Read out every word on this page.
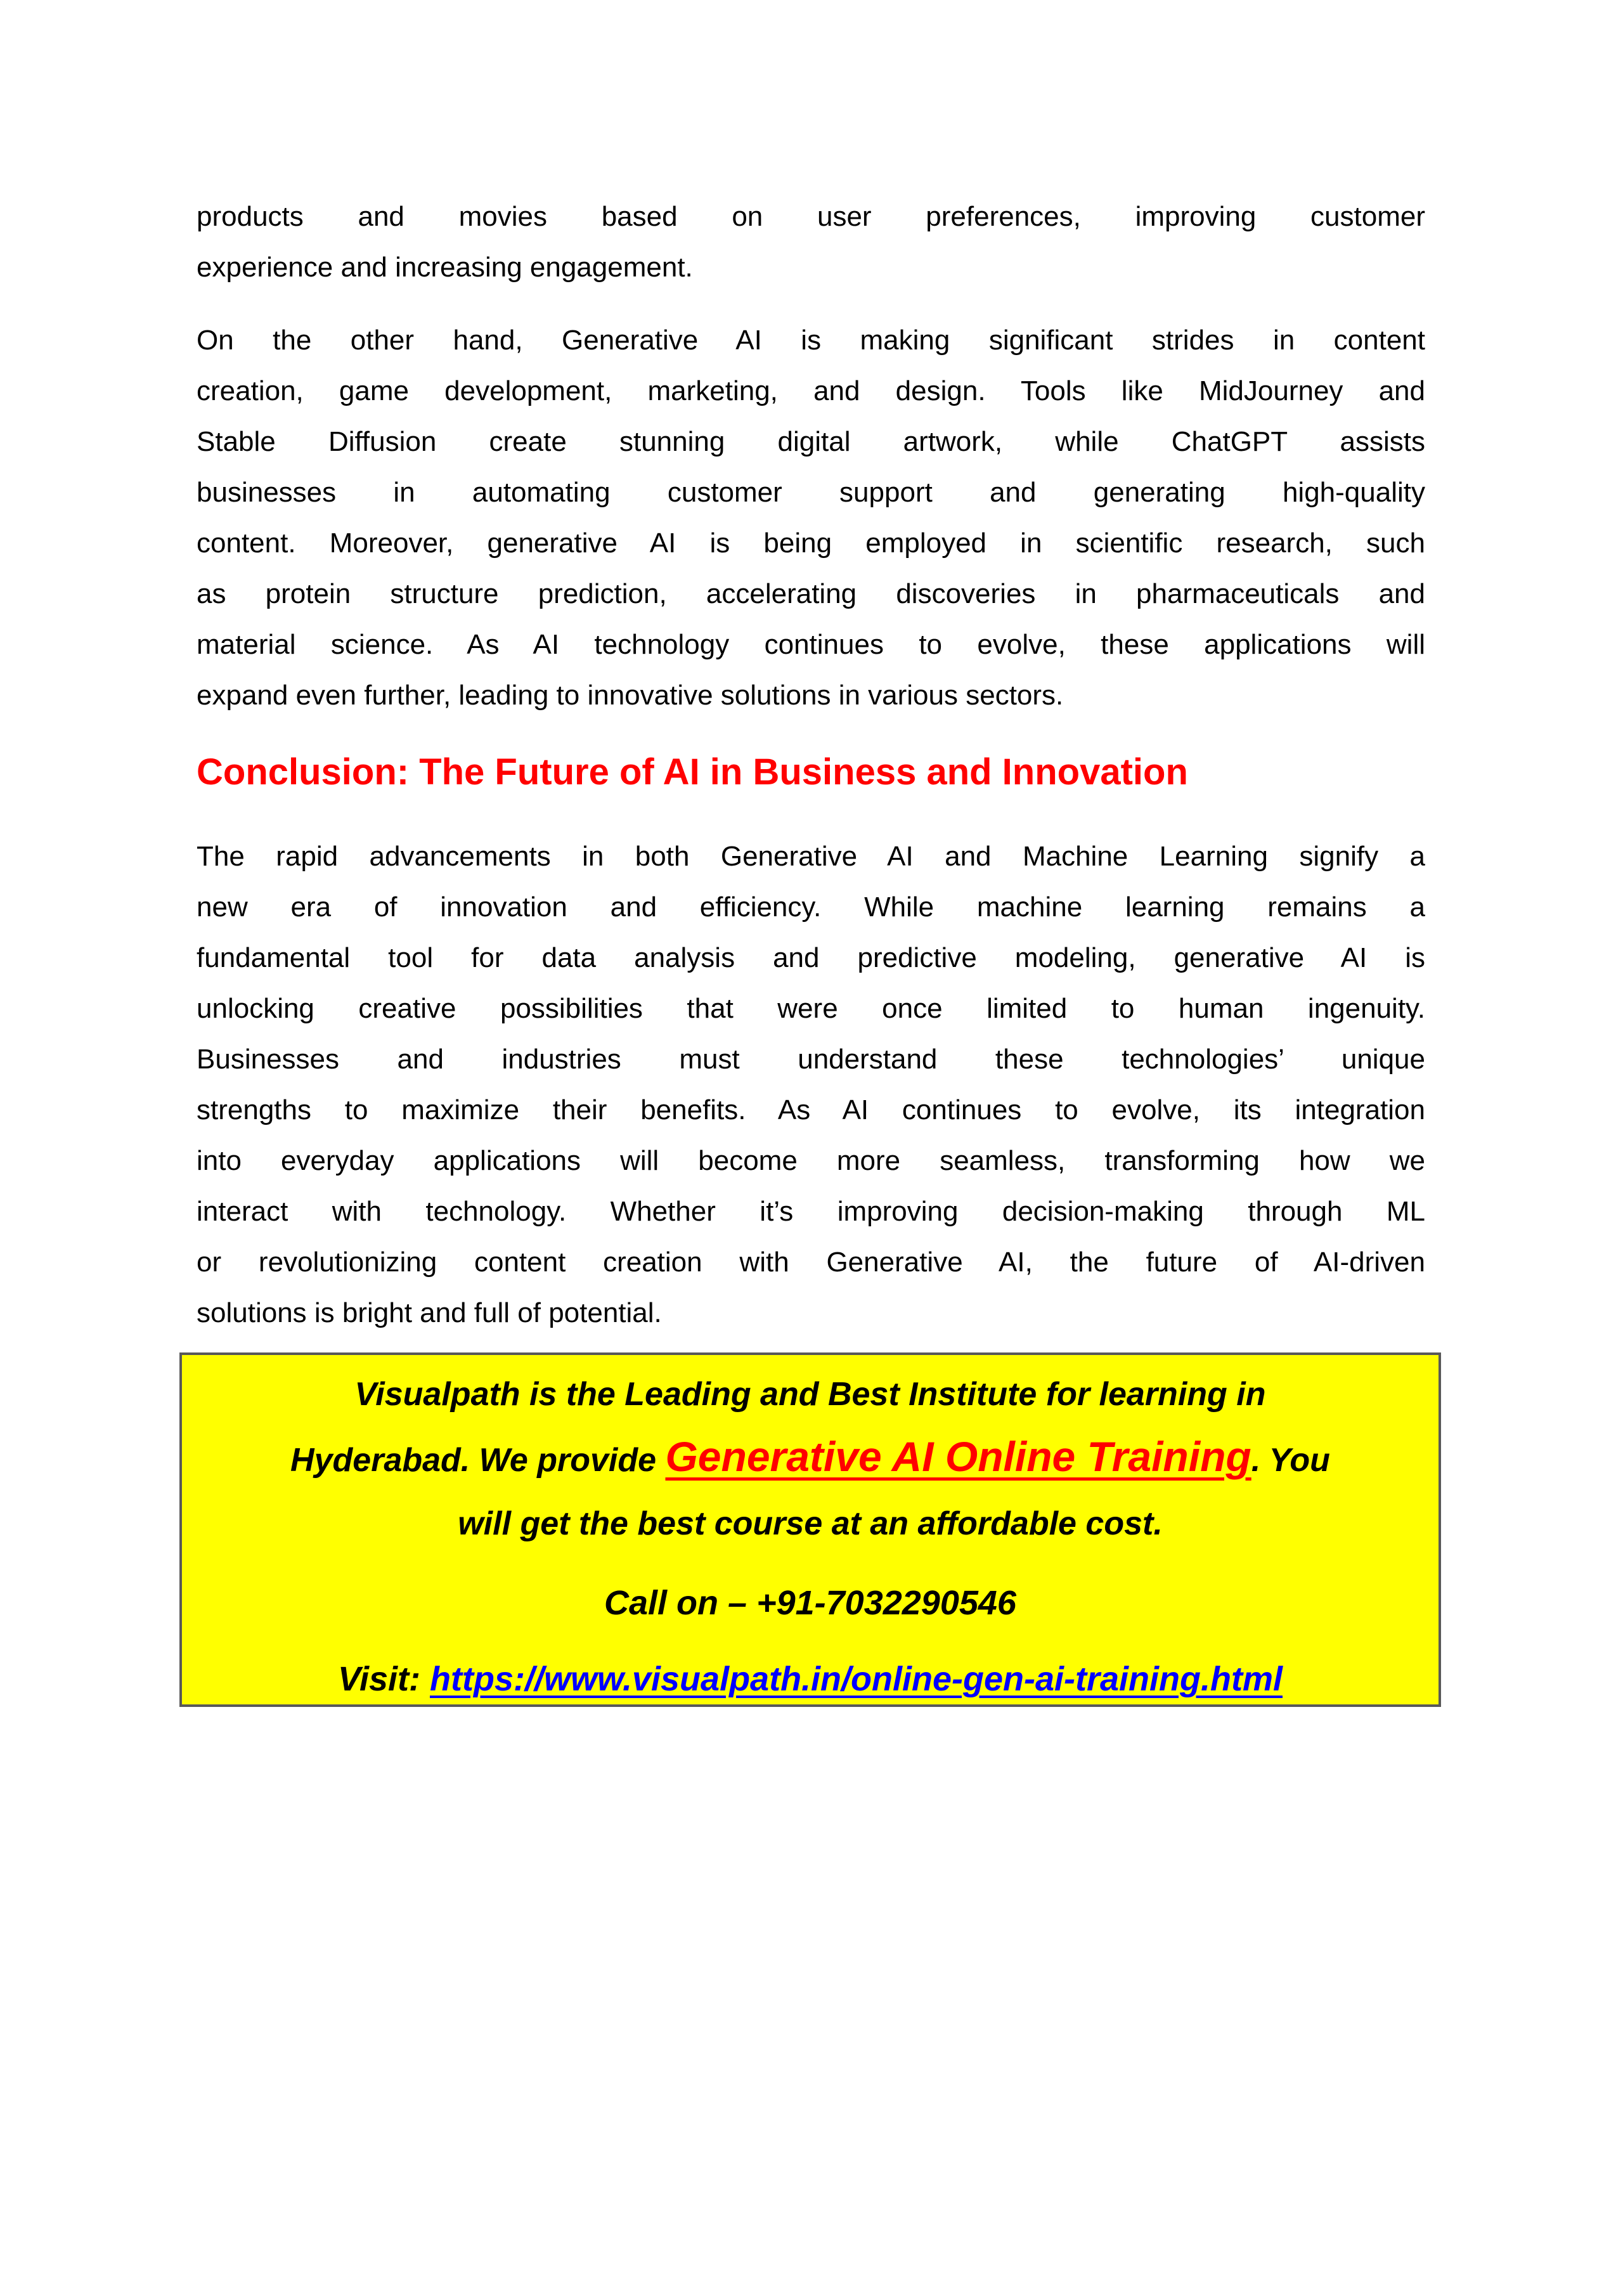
products and movies based on user preferences, improving customer
experience and increasing engagement.
On the other hand, Generative AI is making significant strides in content
creation, game development, marketing, and design. Tools like MidJourney and
Stable Diffusion create stunning digital artwork, while ChatGPT assists
businesses in automating customer support and generating high-quality
content. Moreover, generative AI is being employed in scientific research, such
as protein structure prediction, accelerating discoveries in pharmaceuticals and
material science. As AI technology continues to evolve, these applications will
expand even further, leading to innovative solutions in various sectors.
Conclusion: The Future of AI in Business and Innovation
The rapid advancements in both Generative AI and Machine Learning signify a
new era of innovation and efficiency. While machine learning remains a
fundamental tool for data analysis and predictive modeling, generative AI is
unlocking creative possibilities that were once limited to human ingenuity.
Businesses and industries must understand these technologies’ unique
strengths to maximize their benefits. As AI continues to evolve, its integration
into everyday applications will become more seamless, transforming how we
interact with technology. Whether it’s improving decision-making through ML
or revolutionizing content creation with Generative AI, the future of AI-driven
solutions is bright and full of potential.
Visualpath is the Leading and Best Institute for learning in
Hyderabad. We provide Generative AI Online Training. You
will get the best course at an affordable cost.
Call on – +91-7032290546
Visit: https://www.visualpath.in/online-gen-ai-training.html
